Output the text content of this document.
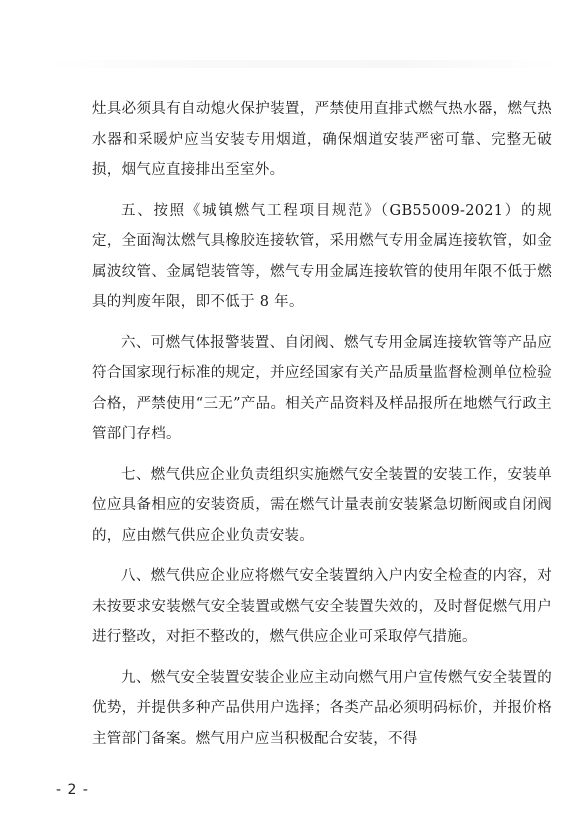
灶具必须具有自动熄火保护装置，严禁使用直排式燃气热水器，燃气热水器和采暖炉应当安装专用烟道，确保烟道安装严密可靠、完整无破损，烟气应直接排出至室外。

五、按照《城镇燃气工程项目规范》（GB55009-2021）的规定，全面淘汰燃气具橡胶连接软管，采用燃气专用金属连接软管，如金属波纹管、金属铠装管等，燃气专用金属连接软管的使用年限不低于燃具的判废年限，即不低于 8 年。

六、可燃气体报警装置、自闭阀、燃气专用金属连接软管等产品应符合国家现行标准的规定，并应经国家有关产品质量监督检测单位检验合格，严禁使用“三无”产品。相关产品资料及样品报所在地燃气行政主管部门存档。

七、燃气供应企业负责组织实施燃气安全装置的安装工作，安装单位应具备相应的安装资质，需在燃气计量表前安装紧急切断阀或自闭阀的，应由燃气供应企业负责安装。

八、燃气供应企业应将燃气安全装置纳入户内安全检查的内容，对未按要求安装燃气安全装置或燃气安全装置失效的，及时督促燃气用户进行整改，对拒不整改的，燃气供应企业可采取停气措施。

九、燃气安全装置安装企业应主动向燃气用户宣传燃气安全装置的优势，并提供多种产品供用户选择；各类产品必须明码标价，并报价格主管部门备案。燃气用户应当积极配合安装，不得

- 2 -
